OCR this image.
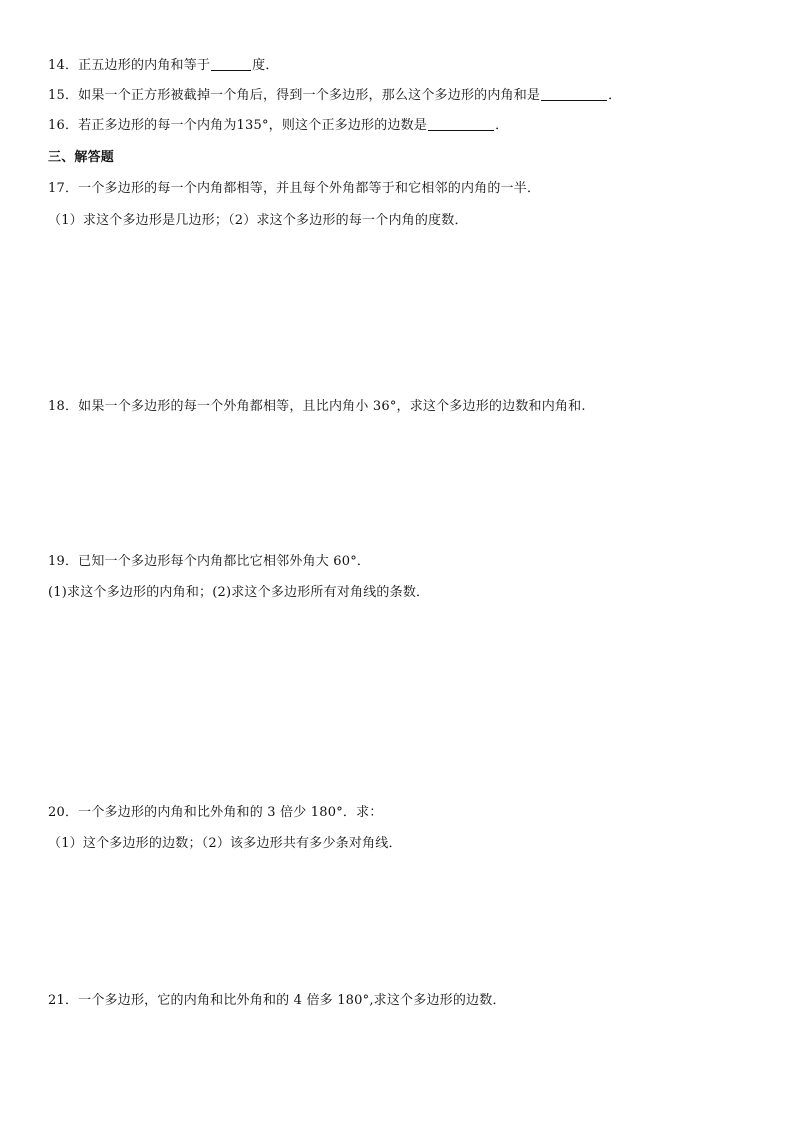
14．正五边形的内角和等于	度．
15．如果一个正方形被截掉一个角后，得到一个多边形，那么这个多边形的内角和是	．
16．若正多边形的每一个内角为135°，则这个正多边形的边数是	．
三、解答题
17．一个多边形的每一个内角都相等，并且每个外角都等于和它相邻的内角的一半．
（1）求这个多边形是几边形；（2）求这个多边形的每一个内角的度数．
18．如果一个多边形的每一个外角都相等，且比内角小 36°，求这个多边形的边数和内角和.
19．已知一个多边形每个内角都比它相邻外角大 60°．
(1)求这个多边形的内角和；(2)求这个多边形所有对角线的条数．
20．一个多边形的内角和比外角和的 3 倍少 180°．求：
（1）这个多边形的边数；（2）该多边形共有多少条对角线．
21．一个多边形，它的内角和比外角和的 4 倍多 180°,求这个多边形的边数．
